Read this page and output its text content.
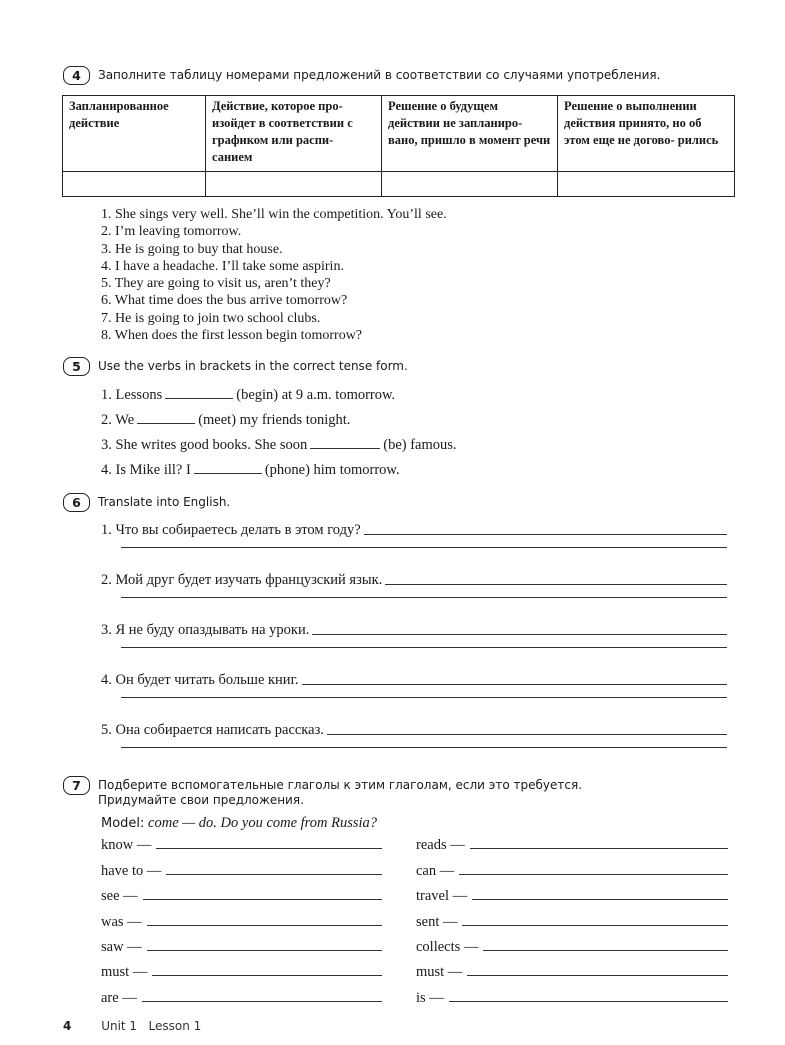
4	Заполните таблицу номерами предложений в соответствии со случаями употребления.
Запланированное действие	Действие, которое про- изойдет в соответствии с графиком или распи- санием	Решение о будущем действии не запланиро- вано, пришло в момент речи	Решение о выполнении действия принято, но об этом еще не догово- рились

1. She sings very well. She’ll win the competition. You’ll see.
2. I’m leaving tomorrow.
3. He is going to buy that house.
4. I have a headache. I’ll take some aspirin.
5. They are going to visit us, aren’t they?
6. What time does the bus arrive tomorrow?
7. He is going to join two school clubs.
8. When does the first lesson begin tomorrow?
5	Use the verbs in brackets in the correct tense form.
1. Lessons	(begin) at 9 a.m. tomorrow.
2. We	(meet) my friends tonight.
3. She writes good books. She soon	(be) famous.
4. Is Mike ill? I	(phone) him tomorrow.
6	Translate into English.
1. Что вы собираетесь делать в этом году?
2. Мой друг будет изучать французский язык.
3. Я не буду опаздывать на уроки.
4. Он будет читать больше книг.
5. Она собирается написать рассказ.
7	Подберите вспомогательные глаголы к этим глаголам, если это требуется.
Придумайте свои предложения.
Model: come — do. Do you come from Russia?
know —
have to —
see —
was —
saw —
must —
are —
reads —
can —
travel —
sent —
collects —
must —
is —
4 Unit 1 Lesson 1
